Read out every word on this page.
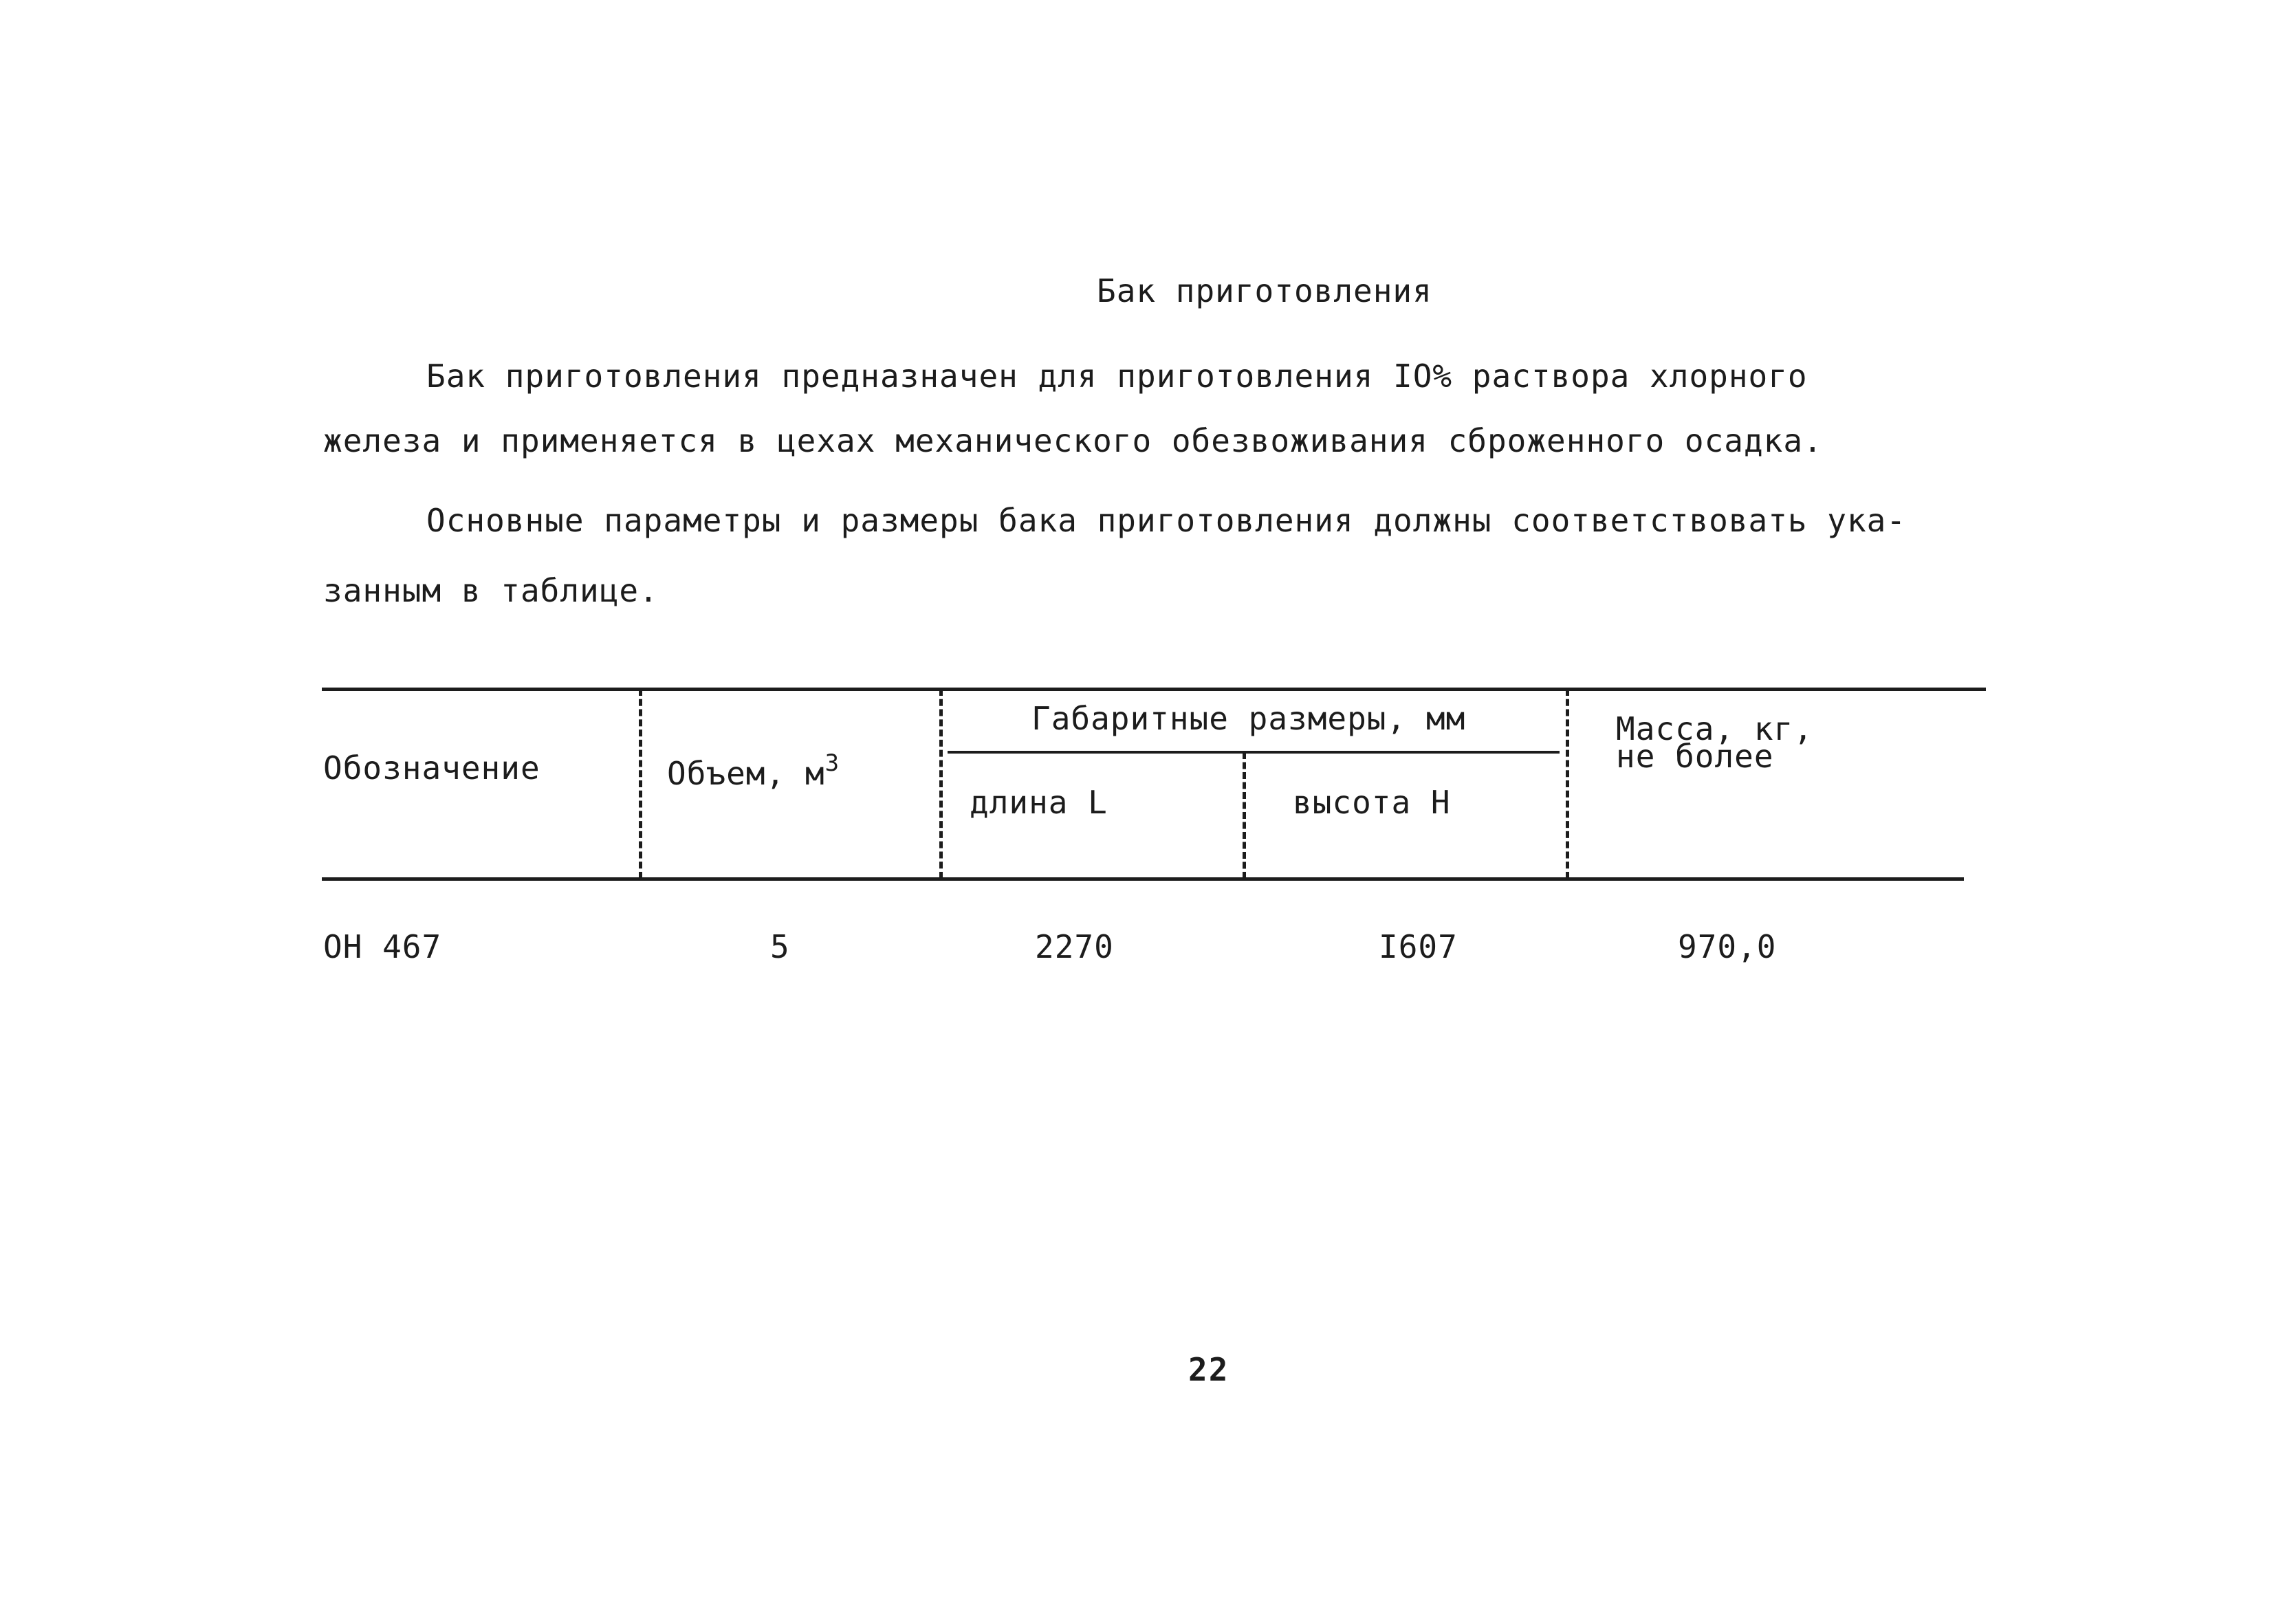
Бак приготовления
Бак приготовления предназначен для приготовления IO% раствора хлорного
железа и применяется в цехах механического обезвоживания сброженного осадка.
Основные параметры и размеры бака приготовления должны соответствовать ука-
занным в таблице.
Обозначение	Объем, $м^3$
Габаритные размеры, мм
длина L	высота H
Масса, кг,
не более
ОН 467	5	2270	I607	970,0
22
